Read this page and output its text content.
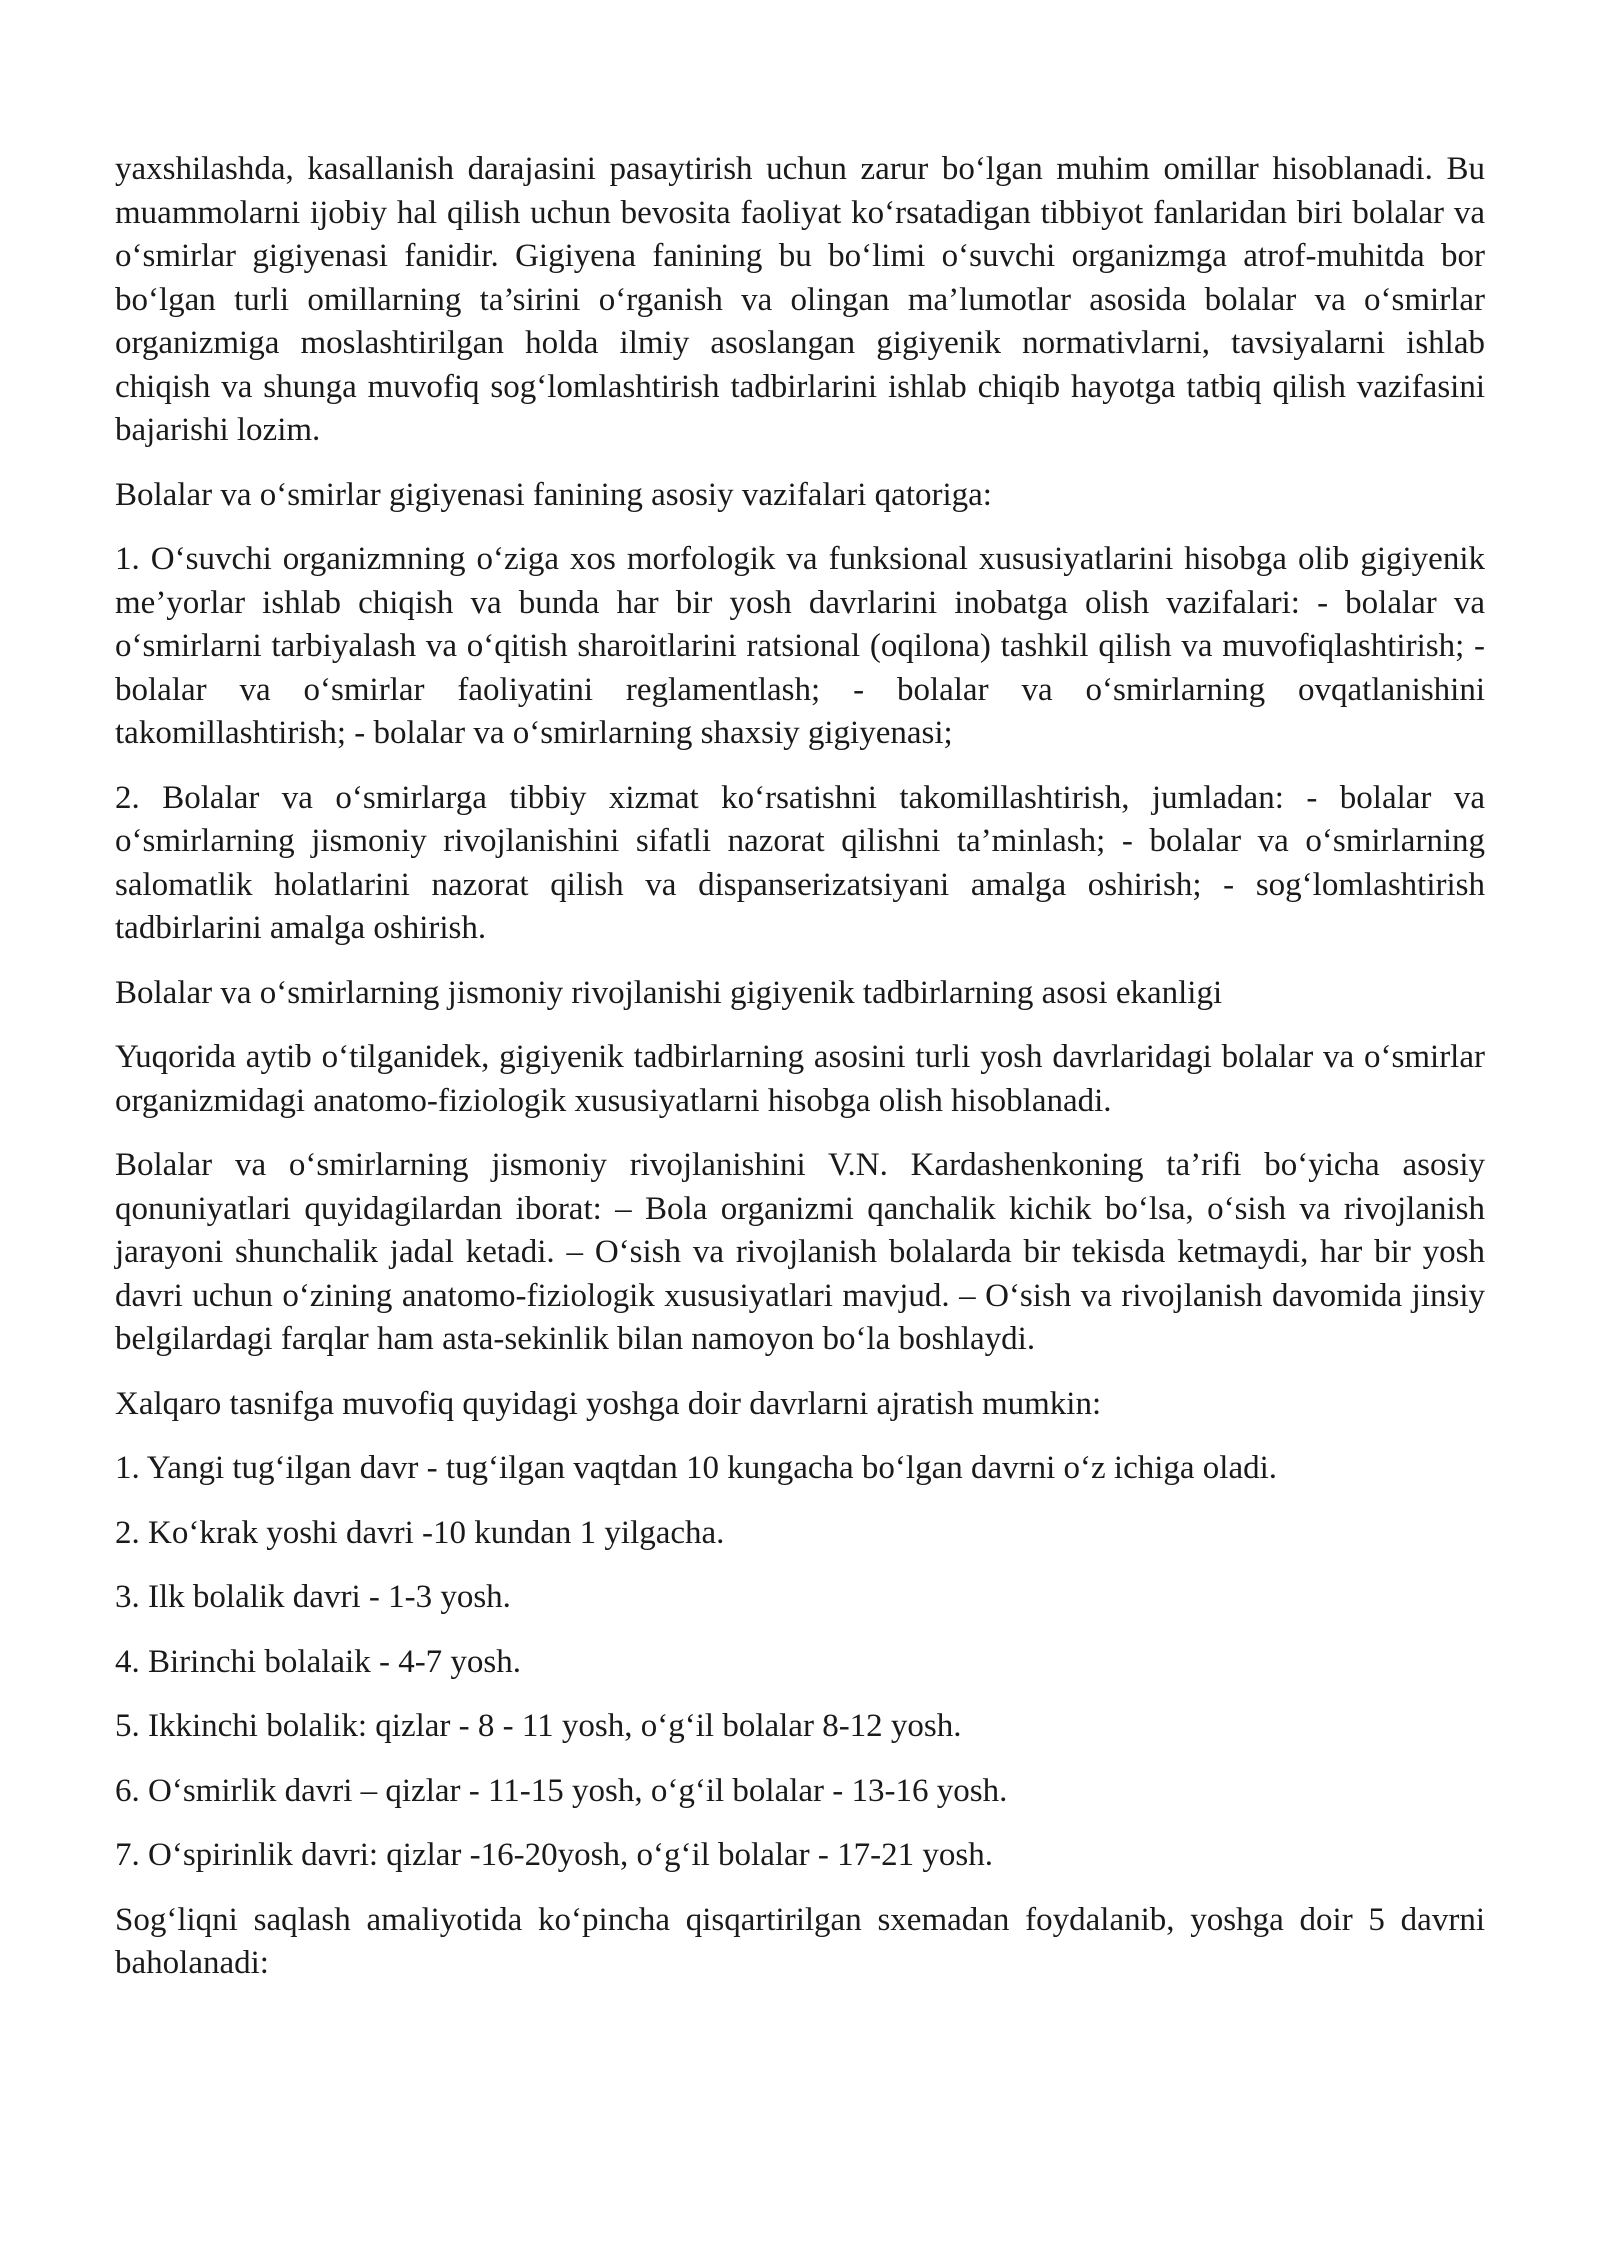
yaxshilashda, kasallanish darajasini pasaytirish uchun zarur bo‘lgan muhim omillar hisoblanadi. Bu muammolarni ijobiy hal qilish uchun bevosita faoliyat ko‘rsatadigan tibbiyot fanlaridan biri bolalar va o‘smirlar gigiyenasi fanidir. Gigiyena fanining bu bo‘limi o‘suvchi organizmga atrof-muhitda bor bo‘lgan turli omillarning ta’sirini o‘rganish va olingan ma’lumotlar asosida bolalar va o‘smirlar organizmiga moslashtirilgan holda ilmiy asoslangan gigiyenik normativlarni, tavsiyalarni ishlab chiqish va shunga muvofiq sog‘lomlashtirish tadbirlarini ishlab chiqib hayotga tatbiq qilish vazifasini bajarishi lozim.

Bolalar va o‘smirlar gigiyenasi fanining asosiy vazifalari qatoriga:

1. O‘suvchi organizmning o‘ziga xos morfologik va funksional xususiyatlarini hisobga olib gigiyenik me’yorlar ishlab chiqish va bunda har bir yosh davrlarini inobatga olish vazifalari: - bolalar va o‘smirlarni tarbiyalash va o‘qitish sharoitlarini ratsional (oqilona) tashkil qilish va muvofiqlashtirish; - bolalar va o‘smirlar faoliyatini reglamentlash; - bolalar va o‘smirlarning ovqatlanishini takomillashtirish; - bolalar va o‘smirlarning shaxsiy gigiyenasi;

2. Bolalar va o‘smirlarga tibbiy xizmat ko‘rsatishni takomillashtirish, jumladan: - bolalar va o‘smirlarning jismoniy rivojlanishini sifatli nazorat qilishni ta’minlash; - bolalar va o‘smirlarning salomatlik holatlarini nazorat qilish va dispanserizatsiyani amalga oshirish; - sog‘lomlashtirish tadbirlarini amalga oshirish.

Bolalar va o‘smirlarning jismoniy rivojlanishi gigiyenik tadbirlarning asosi ekanligi

Yuqorida aytib o‘tilganidek, gigiyenik tadbirlarning asosini turli yosh davrlaridagi bolalar va o‘smirlar organizmidagi anatomo-fiziologik xususiyatlarni hisobga olish hisoblanadi.

Bolalar va o‘smirlarning jismoniy rivojlanishini V.N. Kardashenkoning ta’rifi bo‘yicha asosiy qonuniyatlari quyidagilardan iborat: – Bola organizmi qanchalik kichik bo‘lsa, o‘sish va rivojlanish jarayoni shunchalik jadal ketadi. – O‘sish va rivojlanish bolalarda bir tekisda ketmaydi, har bir yosh davri uchun o‘zining anatomo-fiziologik xususiyatlari mavjud. – O‘sish va rivojlanish davomida jinsiy belgilardagi farqlar ham asta-sekinlik bilan namoyon bo‘la boshlaydi.

Xalqaro tasnifga muvofiq quyidagi yoshga doir davrlarni ajratish mumkin:

1. Yangi tug‘ilgan davr - tug‘ilgan vaqtdan 10 kungacha bo‘lgan davrni o‘z ichiga oladi.

2. Ko‘krak yoshi davri -10 kundan 1 yilgacha.

3. Ilk bolalik davri - 1-3 yosh.

4. Birinchi bolalaik - 4-7 yosh.

5. Ikkinchi bolalik: qizlar - 8 - 11 yosh, o‘g‘il bolalar 8-12 yosh.

6. O‘smirlik davri – qizlar - 11-15 yosh, o‘g‘il bolalar - 13-16 yosh.

7. O‘spirinlik davri: qizlar -16-20yosh, o‘g‘il bolalar - 17-21 yosh.

Sog‘liqni saqlash amaliyotida ko‘pincha qisqartirilgan sxemadan foydalanib, yoshga doir 5 davrni baholanadi:
